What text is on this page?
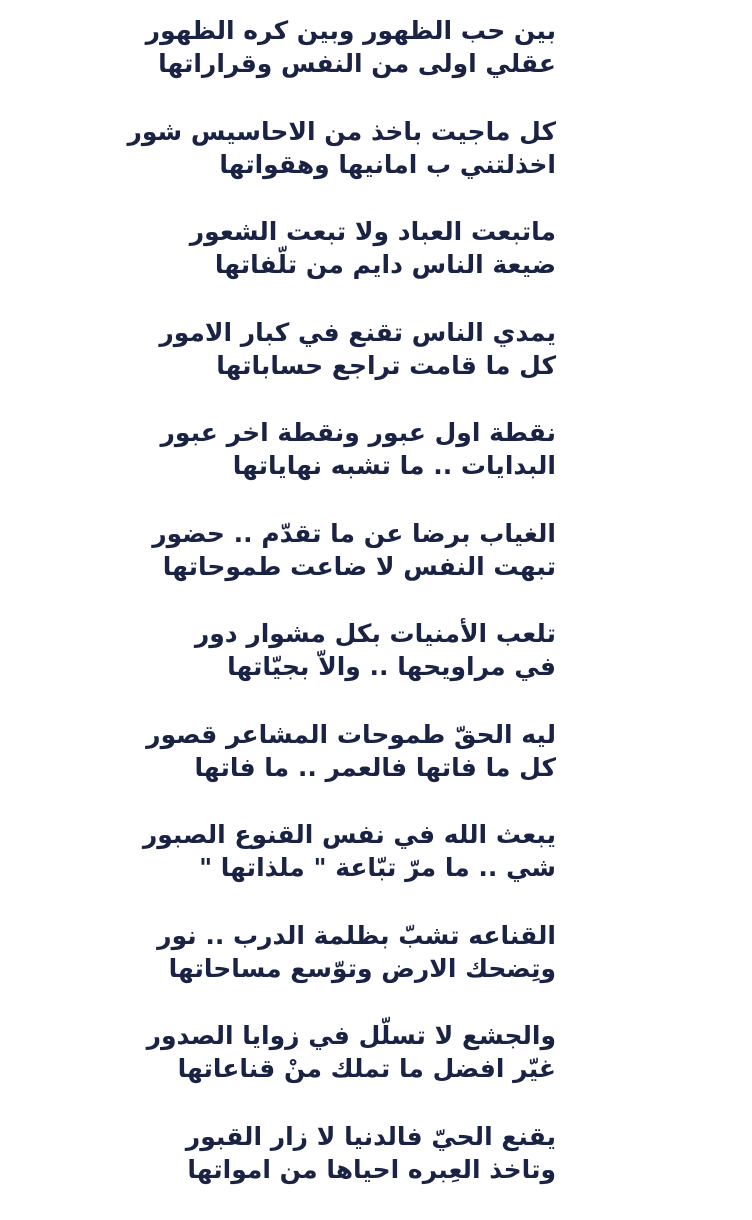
بين حب الظهور وبين كره الظهور
عقلي اولى من النفس وقراراتها
كل ماجيت باخذ من الاحاسيس شور
اخذلتني ب امانيها وهقواتها
ماتبعت العباد ولا تبعت الشعور
ضيعة الناس دايم من تلّفاتها
يمدي الناس تقنع في كبار الامور
كل ما قامت تراجع حساباتها
نقطة اول عبور ونقطة اخر عبور
البدايات .. ما تشبه نهاياتها
الغياب برضا عن ما تقدّم .. حضور
تبهت النفس لا ضاعت طموحاتها
تلعب الأمنيات بكل مشوار دور
في مراويحها .. والاّ بجيّاتها
ليه الحقّ طموحات المشاعر قصور
كل ما فاتها فالعمر .. ما فاتها
يبعث الله في نفس القنوع الصبور
شي .. ما مرّ تبّاعة " ملذاتها "
القناعه تشبّ بظلمة الدرب .. نور
وتِضحك الارض وتوّسع مساحاتها
والجشع لا تسلّل في زوايا الصدور
غيّر افضل ما تملك منْ قناعاتها
يقنع الحيّ فالدنيا لا زار القبور
وتاخذ العِبره احياها من امواتها
